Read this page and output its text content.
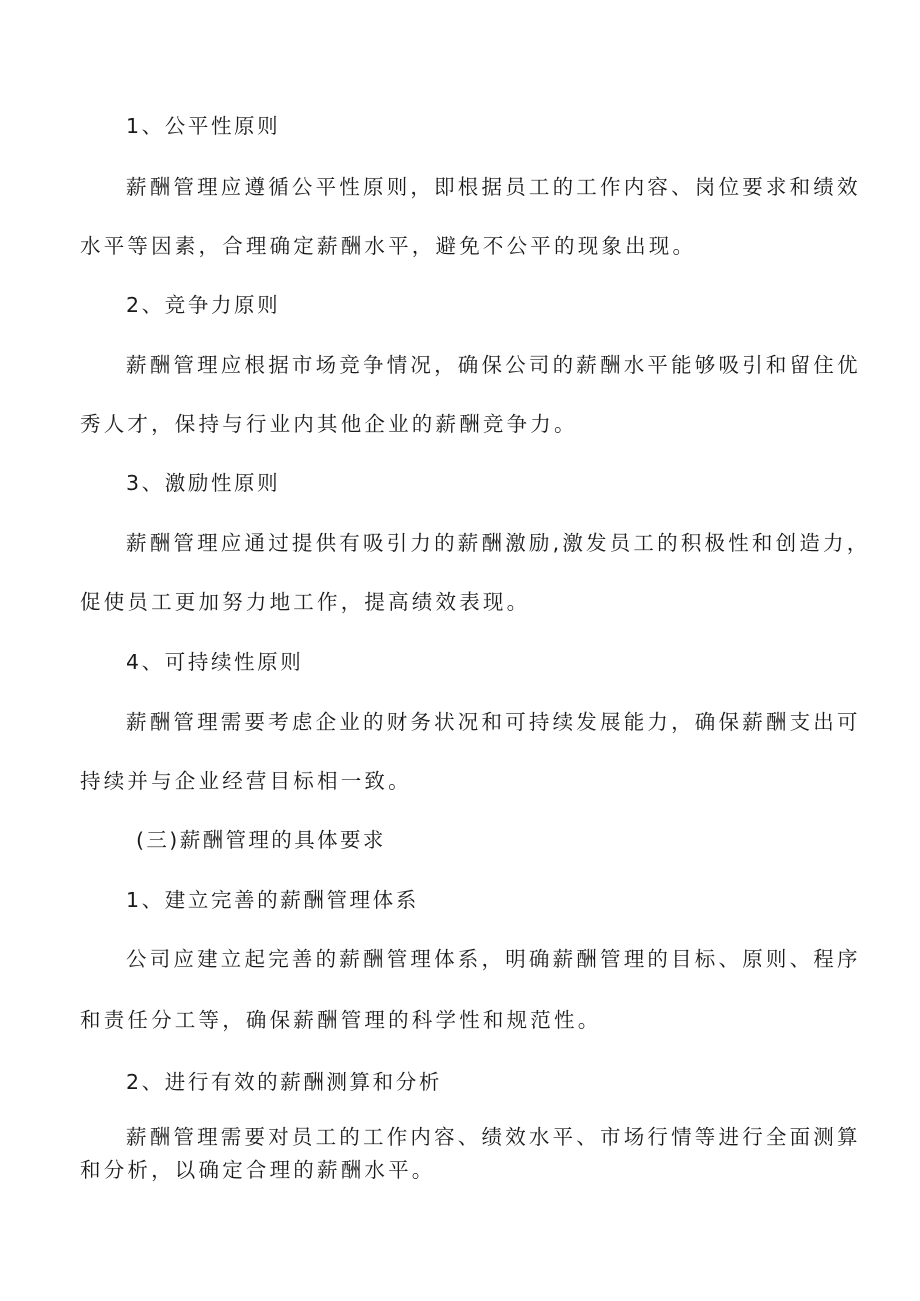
1、公平性原则
薪酬管理应遵循公平性原则，即根据员工的工作内容、岗位要求和绩效
水平等因素，合理确定薪酬水平，避免不公平的现象出现。
2、竞争力原则
薪酬管理应根据市场竞争情况，确保公司的薪酬水平能够吸引和留住优
秀人才，保持与行业内其他企业的薪酬竞争力。
3、激励性原则
薪酬管理应通过提供有吸引力的薪酬激励,激发员工的积极性和创造力，
促使员工更加努力地工作，提高绩效表现。
4、可持续性原则
薪酬管理需要考虑企业的财务状况和可持续发展能力，确保薪酬支出可
持续并与企业经营目标相一致。
(三)薪酬管理的具体要求
1、建立完善的薪酬管理体系
公司应建立起完善的薪酬管理体系，明确薪酬管理的目标、原则、程序
和责任分工等，确保薪酬管理的科学性和规范性。
2、进行有效的薪酬测算和分析
薪酬管理需要对员工的工作内容、绩效水平、市场行情等进行全面测算
和分析，以确定合理的薪酬水平。
